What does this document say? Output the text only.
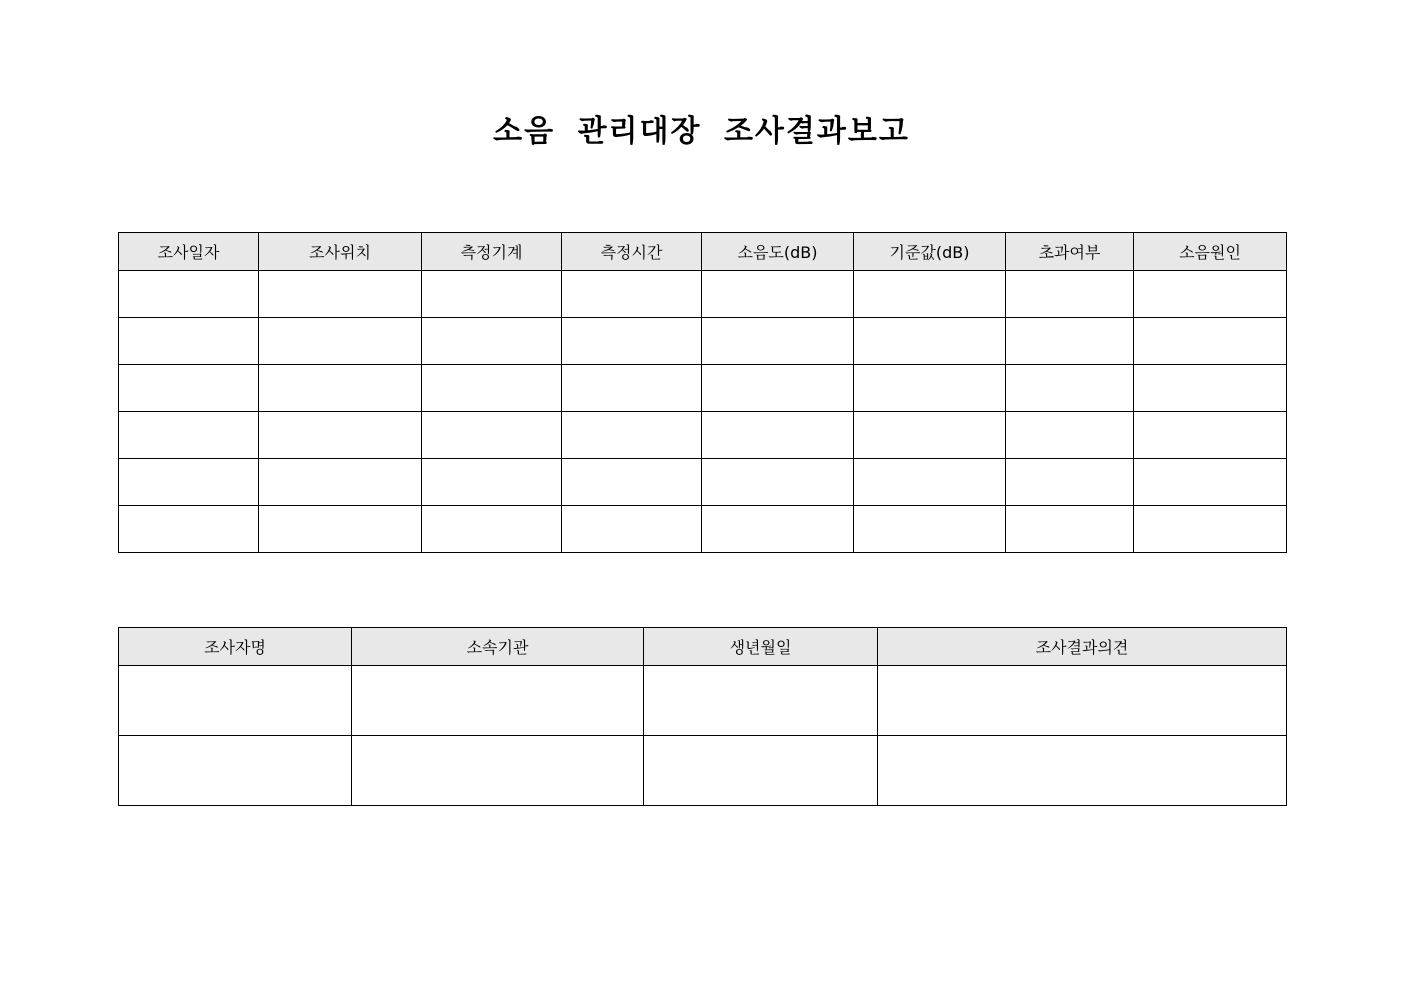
소음 관리대장 조사결과보고
조사일자	조사위치	측정기계	측정시간	소음도(dB)	기준값(dB)	초과여부	소음원인

조사자명	소속기관	생년월일	조사결과의견
